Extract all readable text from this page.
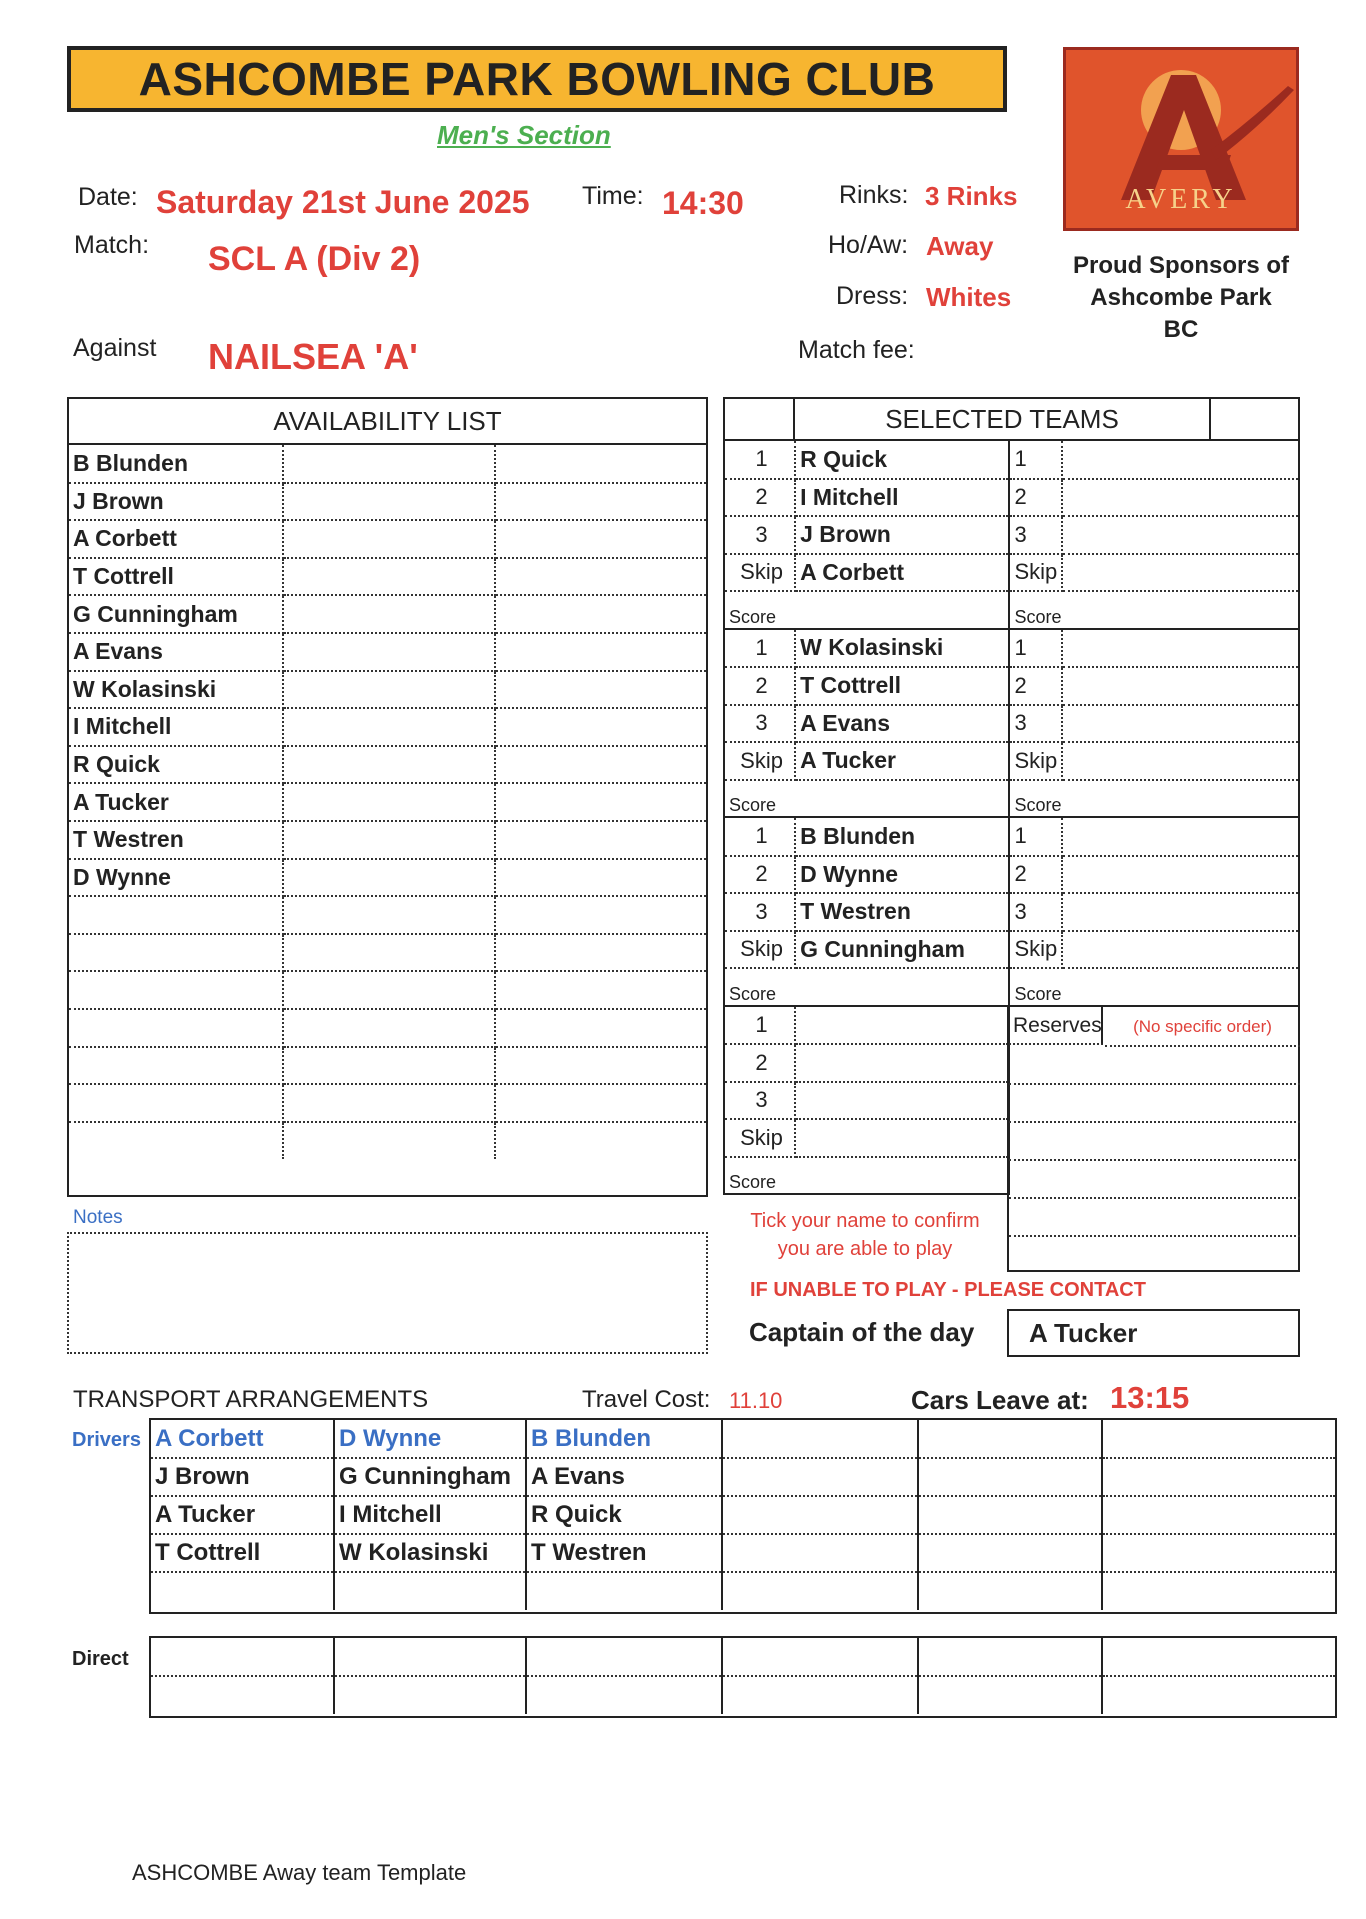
ASHCOMBE PARK BOWLING CLUB
Men's Section
AVERY
Proud Sponsors of
Ashcombe Park
BC
Date: Saturday 21st June 2025 Time: 14:30	Rinks: 3 Rinks
Match: SCL A (Div 2)	Ho/Aw: Away
Dress: Whites
Against NAILSEA 'A'	Match fee:
AVAILABILITY LIST
B Blunden		
J Brown		
A Corbett		
T Cottrell		
G Cunningham		
A Evans		
W Kolasinski		
I Mitchell		
R Quick		
A Tucker		
T Westren		
D Wynne		

SELECTED TEAMS
1	R Quick	1	
2	I Mitchell	2	
3	J Brown	3	
Skip	A Corbett	Skip	
Score		Score	
1	W Kolasinski	1	
2	T Cottrell	2	
3	A Evans	3	
Skip	A Tucker	Skip	
Score		Score	
1	B Blunden	1	
2	D Wynne	2	
3	T Westren	3	
Skip	G Cunningham	Skip	
Score		Score	
1		
2		
3		
Skip		
Score		
Reserves	(No specific order)
Notes	Tick your name to confirm
you are able to play
IF UNABLE TO PLAY - PLEASE CONTACT
Captain of the day	A Tucker
TRANSPORT ARRANGEMENTS	Travel Cost: 11.10	Cars Leave at: 13:15
Drivers A Corbett	D Wynne	B Blunden			
J Brown	G Cunningham	A Evans			
A Tucker	I Mitchell	R Quick			
T Cottrell	W Kolasinski	T Westren			

Direct

ASHCOMBE Away team Template
